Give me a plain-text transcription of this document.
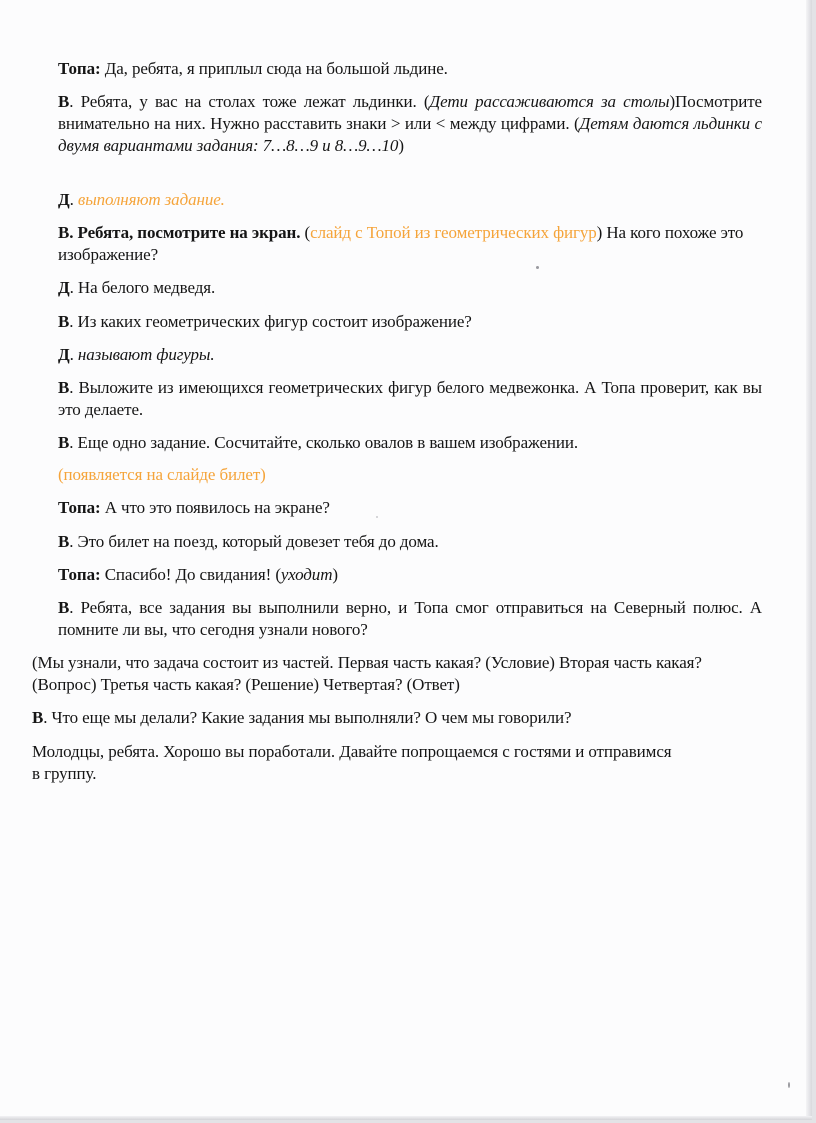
Топа: Да, ребята, я приплыл сюда на большой льдине.

В. Ребята, у вас на столах тоже лежат льдинки. (Дети рассаживаются за столы)Посмотрите внимательно на них. Нужно расставить знаки > или < между цифрами. (Детям даются льдинки с двумя вариантами задания: 7…8…9 и 8…9…10)

Д. выполняют задание.

В. Ребята, посмотрите на экран. (слайд с Топой из геометрических фигур) На кого похоже это изображение?

Д. На белого медведя.

В. Из каких геометрических фигур состоит изображение?

Д. называют фигуры.

В. Выложите из имеющихся геометрических фигур белого медвежонка. А Топа проверит, как вы это делаете.

В. Еще одно задание. Сосчитайте, сколько овалов в вашем изображении.

(появляется на слайде билет)

Топа: А что это появилось на экране?

В. Это билет на поезд, который довезет тебя до дома.

Топа: Спасибо! До свидания! (уходит)

В. Ребята, все задания вы выполнили верно, и Топа смог отправиться на Северный полюс. А помните ли вы, что сегодня узнали нового?

(Мы узнали, что задача состоит из частей. Первая часть какая? (Условие) Вторая часть какая? (Вопрос) Третья часть какая? (Решение) Четвертая? (Ответ)

В. Что еще мы делали? Какие задания мы выполняли? О чем мы говорили?

Молодцы, ребята. Хорошо вы поработали. Давайте попрощаемся с гостями и отправимся в группу.
